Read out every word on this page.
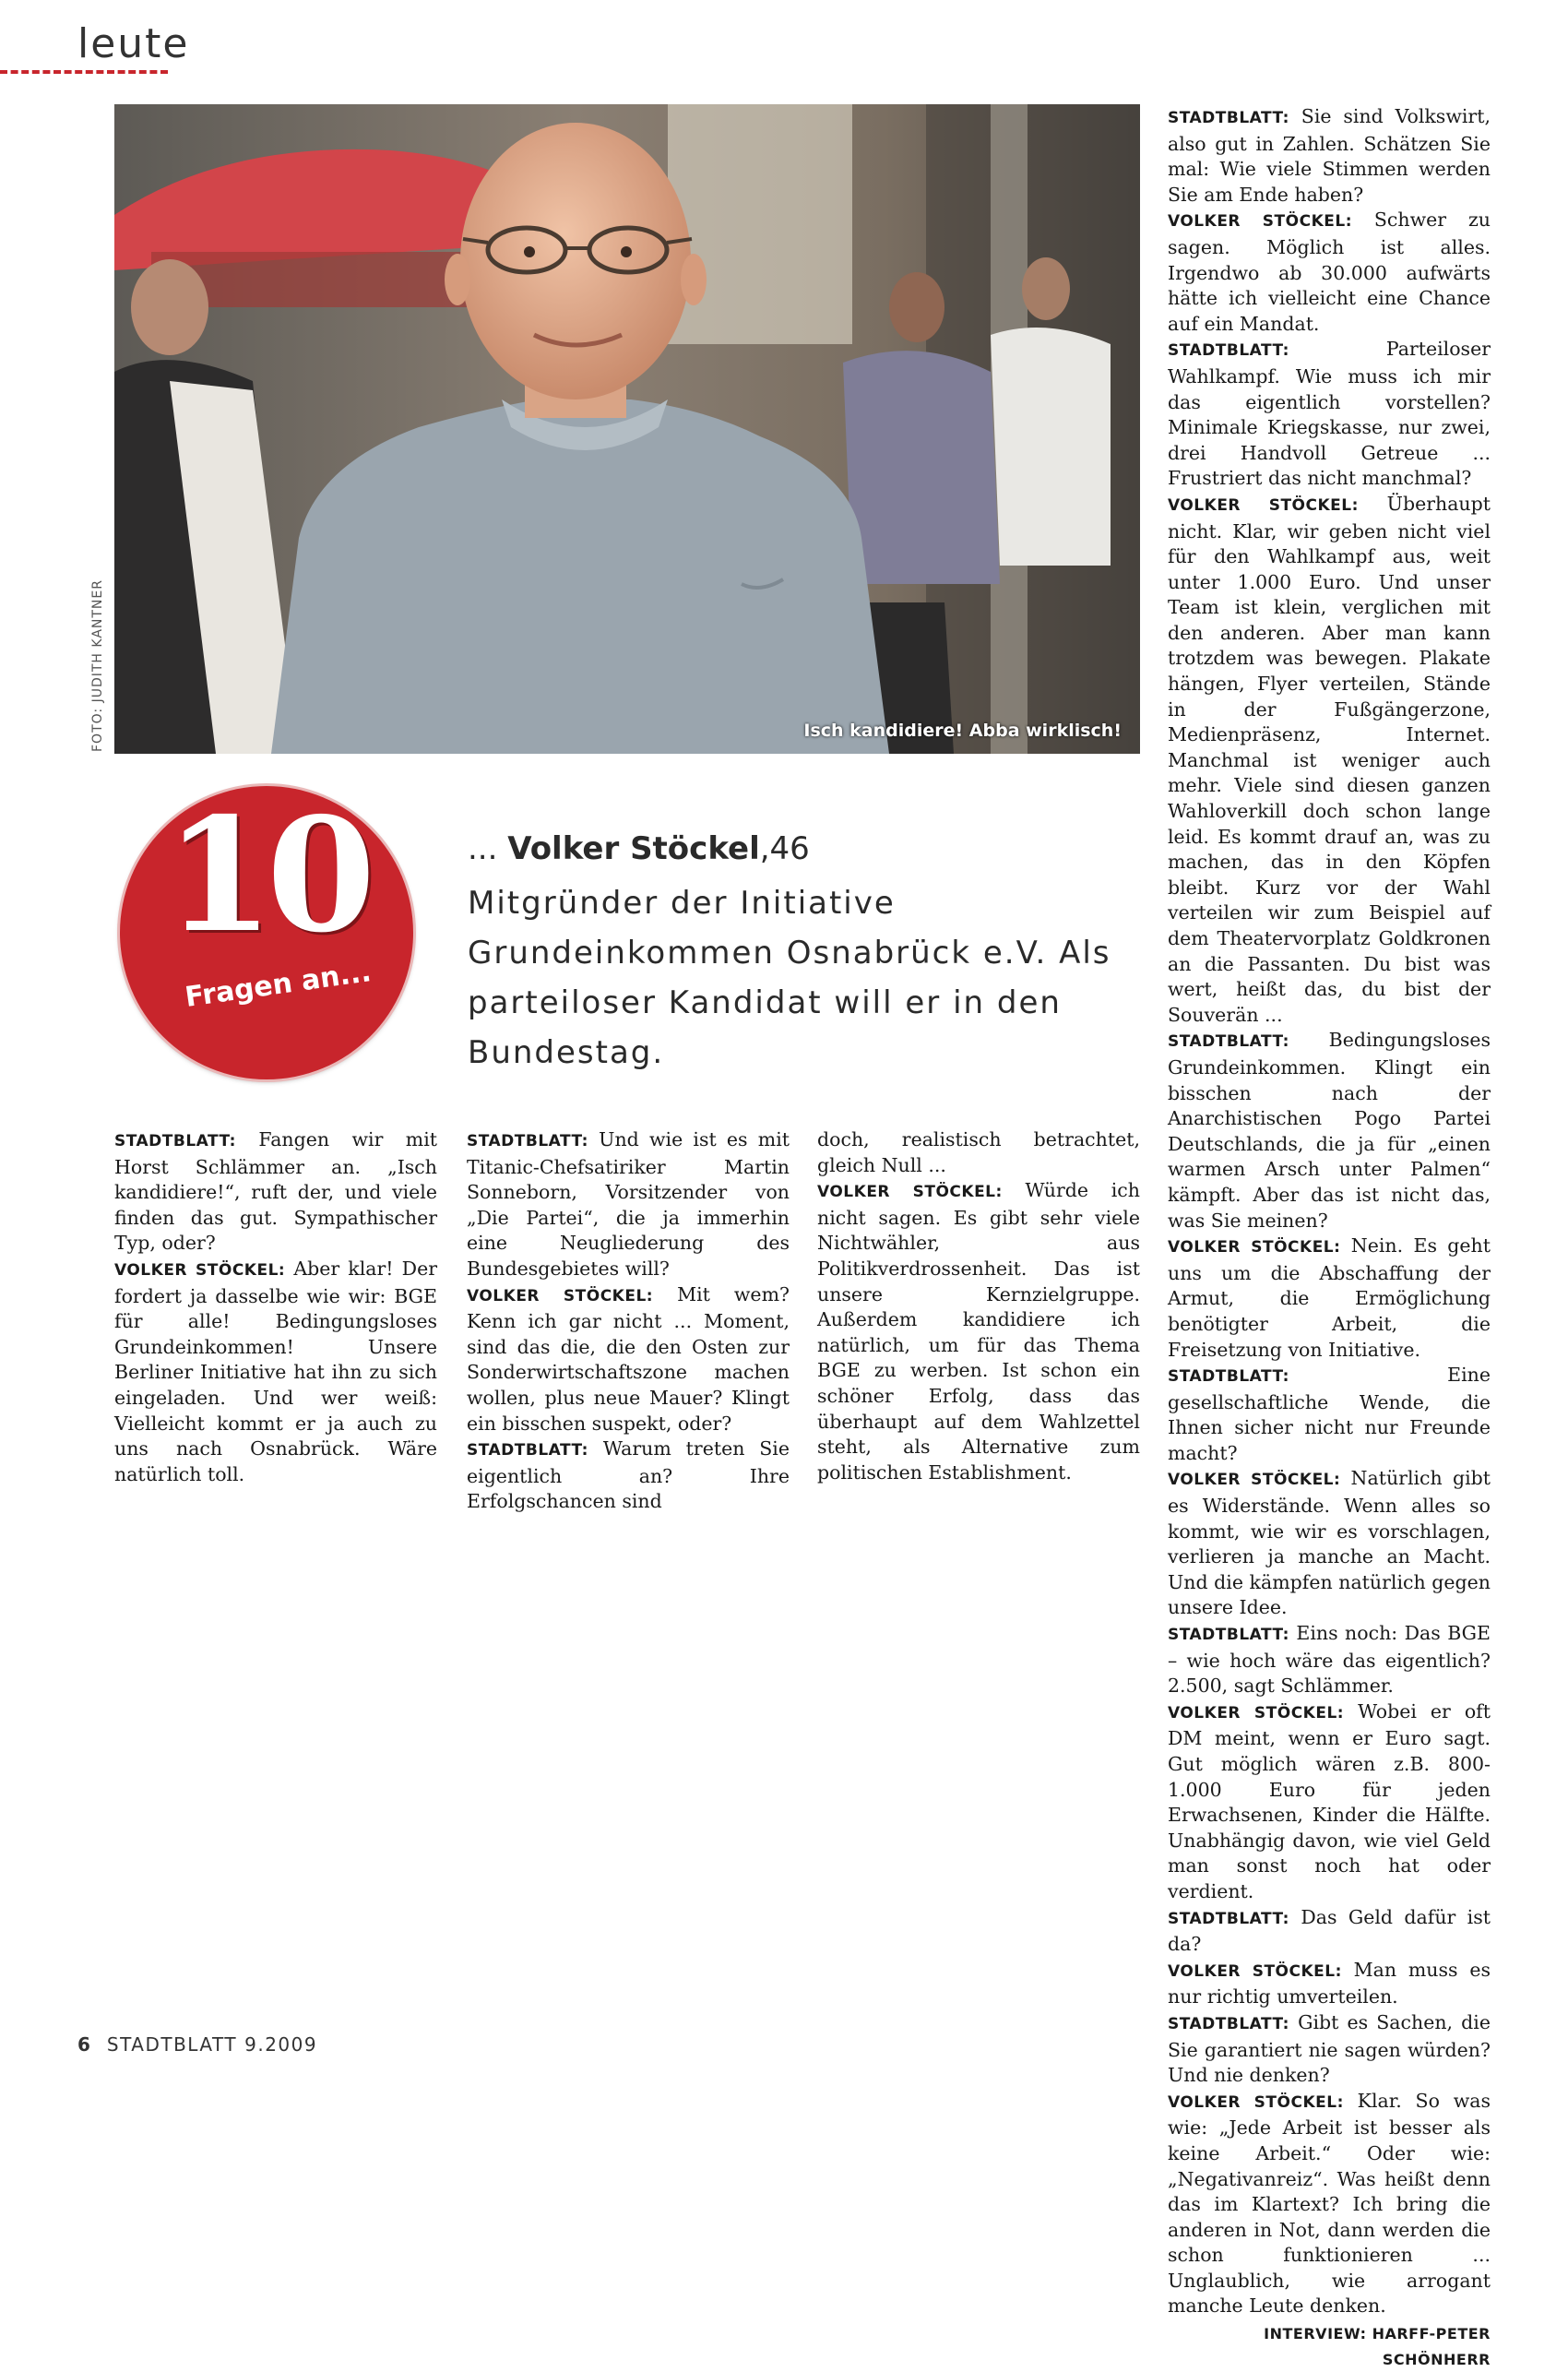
leute
Isch kandidiere! Abba wirklisch!
FOTO: JUDITH KANTNER
10
Fragen an...
... Volker Stöckel,46
Mitgründer der Initiative Grundeinkommen Osnabrück e.V. Als parteiloser Kandidat will er in den Bundestag.

STADTBLATT: Fangen wir mit Horst Schlämmer an. „Isch kandidiere!“, ruft der, und viele finden das gut. Sympathischer Typ, oder?

VOLKER STÖCKEL: Aber klar! Der fordert ja dasselbe wie wir: BGE für alle! Bedingungsloses Grundeinkommen! Unsere Berliner Initiative hat ihn zu sich eingeladen. Und wer weiß: Vielleicht kommt er ja auch zu uns nach Osnabrück. Wäre natürlich toll.

STADTBLATT: Und wie ist es mit Titanic-Chefsatiriker Martin Sonneborn, Vorsitzender von „Die Partei“, die ja immerhin eine Neugliederung des Bundesgebietes will?

VOLKER STÖCKEL: Mit wem? Kenn ich gar nicht ... Moment, sind das die, die den Osten zur Sonderwirtschaftszone machen wollen, plus neue Mauer? Klingt ein bisschen suspekt, oder?

STADTBLATT: Warum treten Sie eigentlich an? Ihre Erfolgschancen sind

doch, realistisch betrachtet, gleich Null ...

VOLKER STÖCKEL: Würde ich nicht sagen. Es gibt sehr viele Nichtwähler, aus Politikverdrossenheit. Das ist unsere Kernzielgruppe. Außerdem kandidiere ich natürlich, um für das Thema BGE zu werben. Ist schon ein schöner Erfolg, dass das überhaupt auf dem Wahlzettel steht, als Alternative zum politischen Establishment.

STADTBLATT: Sie sind Volkswirt, also gut in Zahlen. Schätzen Sie mal: Wie viele Stimmen werden Sie am Ende haben?

VOLKER STÖCKEL: Schwer zu sagen. Möglich ist alles. Irgendwo ab 30.000 aufwärts hätte ich vielleicht eine Chance auf ein Mandat.

STADTBLATT:	Parteiloser Wahlkampf. Wie muss ich mir das eigentlich vorstellen? Minimale Kriegskasse, nur zwei, drei Handvoll Getreue ... Frustriert das nicht manchmal?

VOLKER STÖCKEL: Überhaupt nicht. Klar, wir geben nicht viel für den Wahlkampf aus, weit unter 1.000 Euro. Und unser Team ist klein, verglichen mit den anderen. Aber man kann trotzdem was bewegen. Plakate hängen, Flyer verteilen, Stände in der Fußgängerzone, Medienpräsenz, Internet. Manchmal ist weniger auch mehr. Viele sind diesen ganzen Wahloverkill doch schon lange leid. Es kommt drauf an, was zu machen, das in den Köpfen bleibt. Kurz vor der Wahl verteilen wir zum Beispiel auf dem Theatervorplatz Goldkronen an die Passanten. Du bist was wert, heißt das, du bist der Souverän ...

STADTBLATT: Bedingungsloses Grundeinkommen. Klingt ein bisschen nach der Anarchistischen Pogo Partei Deutschlands, die ja für „einen warmen Arsch unter Palmen“ kämpft. Aber das ist nicht das, was Sie meinen?

VOLKER STÖCKEL: Nein. Es geht uns um die Abschaffung der Armut, die Ermöglichung benötigter Arbeit, die Freisetzung von Initiative.

STADTBLATT:	Eine gesellschaftliche Wende, die Ihnen sicher nicht nur Freunde macht?

VOLKER STÖCKEL: Natürlich gibt es Widerstände. Wenn alles so kommt, wie wir es vorschlagen, verlieren ja manche an Macht. Und die kämpfen natürlich gegen unsere Idee.

STADTBLATT: Eins noch: Das BGE – wie hoch wäre das eigentlich? 2.500, sagt Schlämmer.

VOLKER STÖCKEL: Wobei er oft DM meint, wenn er Euro sagt. Gut möglich wären z.B. 800-1.000 Euro für jeden Erwachsenen, Kinder die Hälfte. Unabhängig davon, wie viel Geld man sonst noch hat oder verdient.

STADTBLATT: Das Geld dafür ist da?

VOLKER STÖCKEL: Man muss es nur richtig umverteilen.

STADTBLATT: Gibt es Sachen, die Sie garantiert nie sagen würden? Und nie denken?

VOLKER STÖCKEL: Klar. So was wie: „Jede Arbeit ist besser als keine Arbeit.“ Oder wie: „Negativanreiz“. Was heißt denn das im Klartext? Ich bring die anderen in Not, dann werden die schon funktionieren ... Unglaublich, wie arrogant manche Leute denken.

INTERVIEW: HARFF-PETER SCHÖNHERR
6 STADTBLATT 9.2009
